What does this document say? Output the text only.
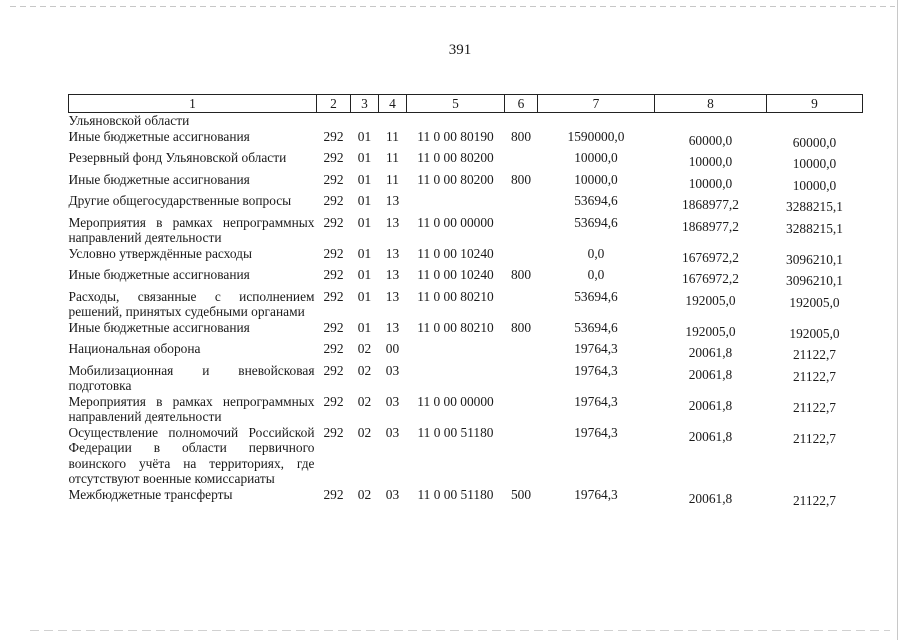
391
1	2	3	4	5	6	7	8	9
Ульяновской области								
Иные бюджетные ассигнования	292	01	11	11 0 00 80190	800	1590000,0	60000,0	60000,0
Резервный фонд Ульяновской области	292	01	11	11 0 00 80200		10000,0	10000,0	10000,0
Иные бюджетные ассигнования	292	01	11	11 0 00 80200	800	10000,0	10000,0	10000,0
Другие общегосударственные вопросы	292	01	13			53694,6	1868977,2	3288215,1
Мероприятия в рамках непрограммных направлений деятельности	292	01	13	11 0 00 00000		53694,6	1868977,2	3288215,1
Условно утверждённые расходы	292	01	13	11 0 00 10240		0,0	1676972,2	3096210,1
Иные бюджетные ассигнования	292	01	13	11 0 00 10240	800	0,0	1676972,2	3096210,1
Расходы, связанные с исполнением решений, принятых судебными органами	292	01	13	11 0 00 80210		53694,6	192005,0	192005,0
Иные бюджетные ассигнования	292	01	13	11 0 00 80210	800	53694,6	192005,0	192005,0
Национальная оборона	292	02	00			19764,3	20061,8	21122,7
Мобилизационная и вневойсковая подготовка	292	02	03			19764,3	20061,8	21122,7
Мероприятия в рамках непрограммных направлений деятельности	292	02	03	11 0 00 00000		19764,3	20061,8	21122,7
Осуществление полномочий Российской Федерации в области первичного воинского учёта на территориях, где отсутствуют военные комиссариаты	292	02	03	11 0 00 51180		19764,3	20061,8	21122,7
Межбюджетные трансферты	292	02	03	11 0 00 51180	500	19764,3	20061,8	21122,7
